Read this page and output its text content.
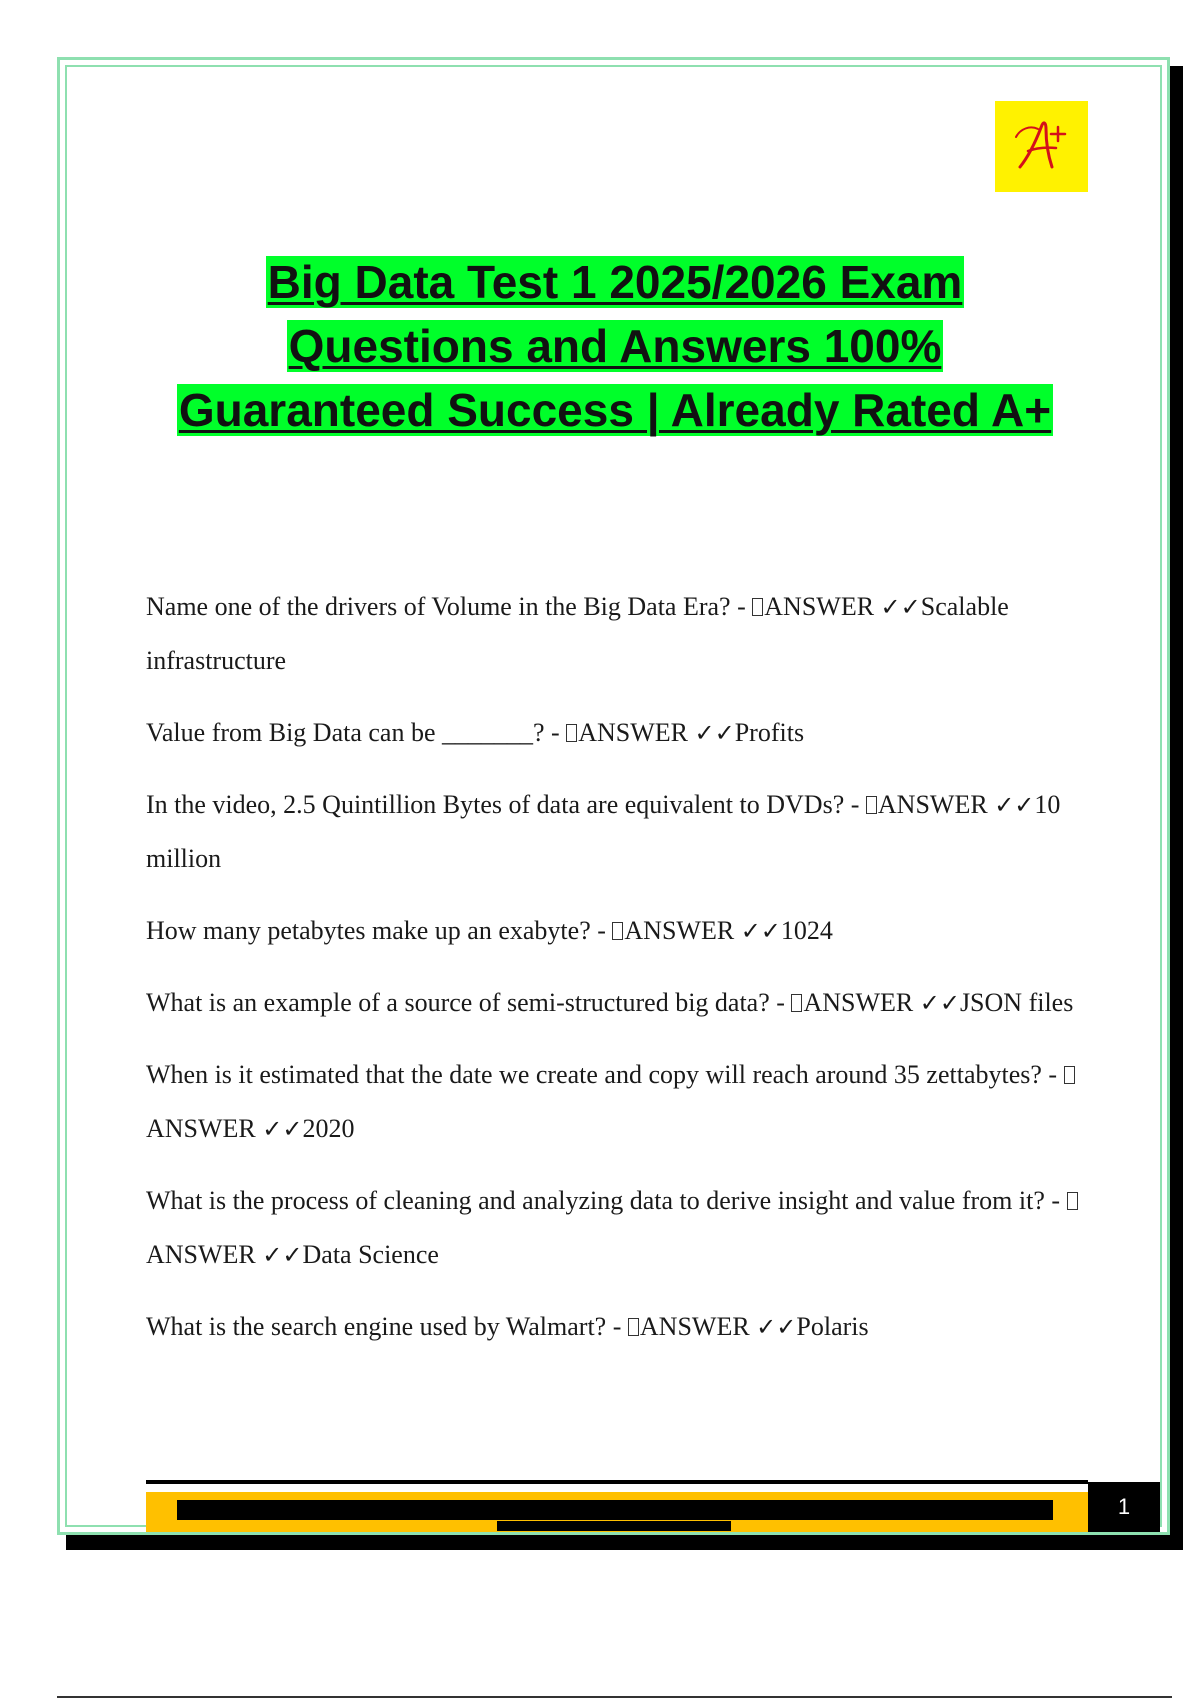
Big Data Test 1 2025/2026 Exam
Questions and Answers 100%
Guaranteed Success | Already Rated A+

Name one of the drivers of Volume in the Big Data Era? - ANSWER ✓✓Scalable infrastructure

Value from Big Data can be _______? - ANSWER ✓✓Profits

In the video, 2.5 Quintillion Bytes of data are equivalent to DVDs? - ANSWER ✓✓10 million

How many petabytes make up an exabyte? - ANSWER ✓✓1024

What is an example of a source of semi-structured big data? - ANSWER ✓✓JSON files

When is it estimated that the date we create and copy will reach around 35 zettabytes? - ANSWER ✓✓2020

What is the process of cleaning and analyzing data to derive insight and value from it? - ANSWER ✓✓Data Science

What is the search engine used by Walmart? - ANSWER ✓✓Polaris

1
